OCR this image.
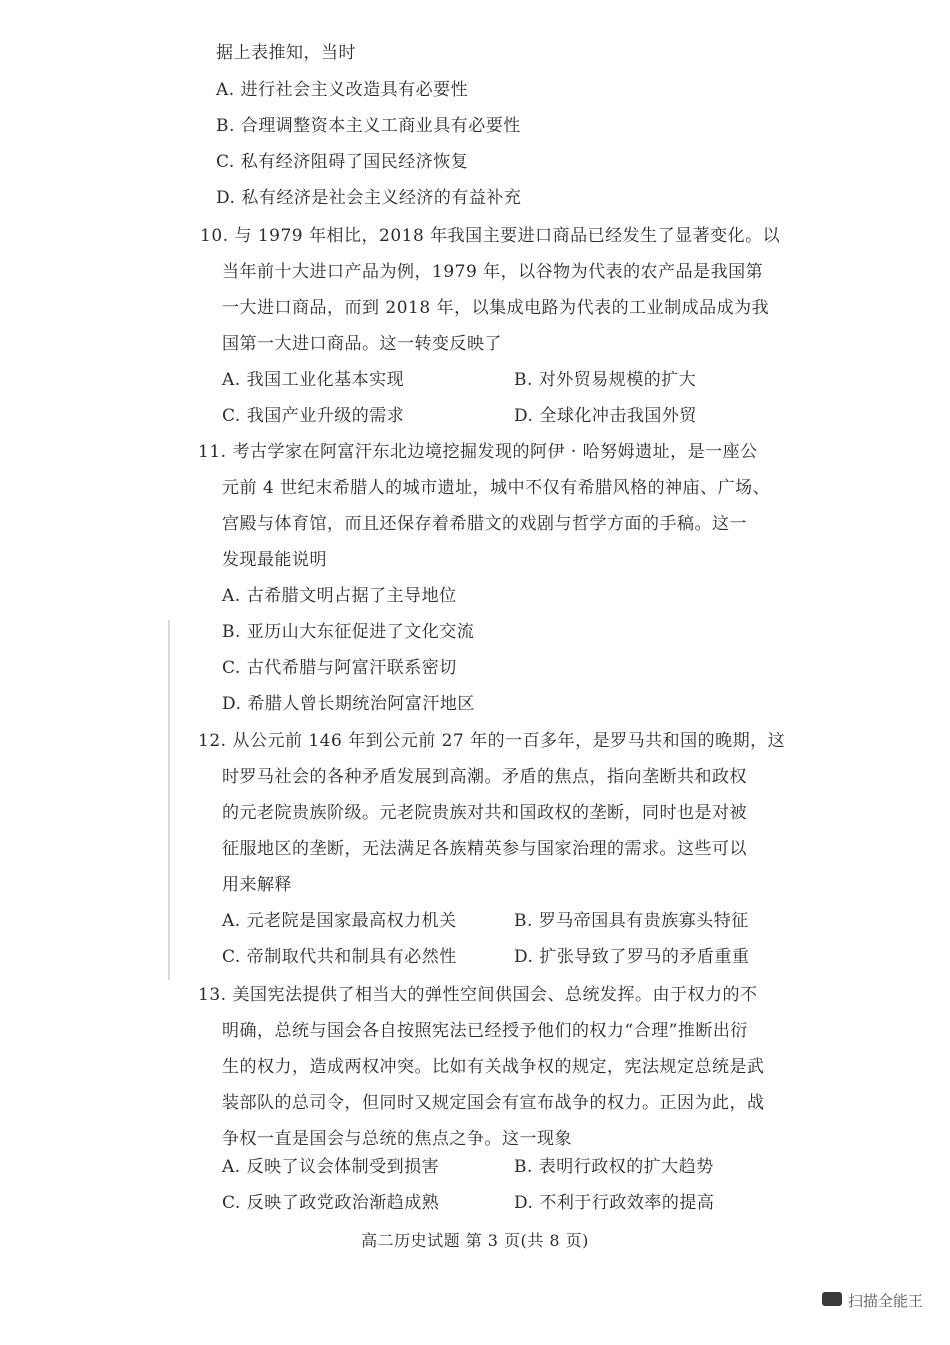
据上表推知，当时
A. 进行社会主义改造具有必要性
B. 合理调整资本主义工商业具有必要性
C. 私有经济阻碍了国民经济恢复
D. 私有经济是社会主义经济的有益补充
10. 与 1979 年相比，2018 年我国主要进口商品已经发生了显著变化。以
当年前十大进口产品为例，1979 年，以谷物为代表的农产品是我国第
一大进口商品，而到 2018 年，以集成电路为代表的工业制成品成为我
国第一大进口商品。这一转变反映了
A. 我国工业化基本实现	B. 对外贸易规模的扩大
C. 我国产业升级的需求	D. 全球化冲击我国外贸
11. 考古学家在阿富汗东北边境挖掘发现的阿伊 · 哈努姆遗址，是一座公
元前 4 世纪末希腊人的城市遗址，城中不仅有希腊风格的神庙、广场、
宫殿与体育馆，而且还保存着希腊文的戏剧与哲学方面的手稿。这一
发现最能说明
A. 古希腊文明占据了主导地位
B. 亚历山大东征促进了文化交流
C. 古代希腊与阿富汗联系密切
D. 希腊人曾长期统治阿富汗地区
12. 从公元前 146 年到公元前 27 年的一百多年，是罗马共和国的晚期，这
时罗马社会的各种矛盾发展到高潮。矛盾的焦点，指向垄断共和政权
的元老院贵族阶级。元老院贵族对共和国政权的垄断，同时也是对被
征服地区的垄断，无法满足各族精英参与国家治理的需求。这些可以
用来解释
A. 元老院是国家最高权力机关	B. 罗马帝国具有贵族寡头特征
C. 帝制取代共和制具有必然性	D. 扩张导致了罗马的矛盾重重
13. 美国宪法提供了相当大的弹性空间供国会、总统发挥。由于权力的不
明确，总统与国会各自按照宪法已经授予他们的权力“合理”推断出衍
生的权力，造成两权冲突。比如有关战争权的规定，宪法规定总统是武
装部队的总司令，但同时又规定国会有宣布战争的权力。正因为此，战
争权一直是国会与总统的焦点之争。这一现象
A. 反映了议会体制受到损害	B. 表明行政权的扩大趋势
C. 反映了政党政治渐趋成熟	D. 不利于行政效率的提高
高二历史试题 第 3 页(共 8 页)
扫描全能王
